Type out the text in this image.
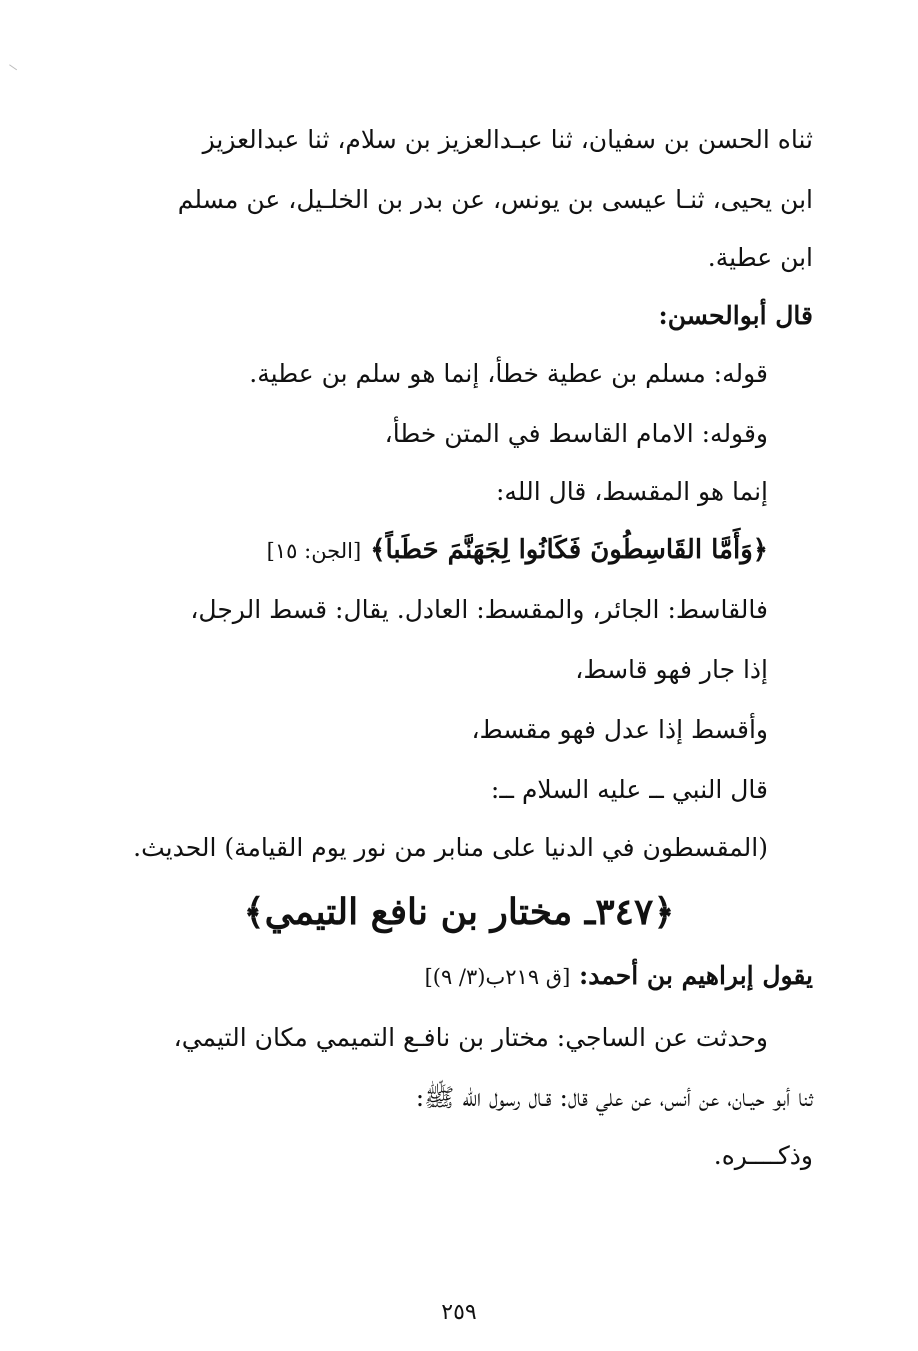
ثناه الحسن بن سفيان، ثنا عبـدالعزيز بن سلام، ثنا عبدالعزيز
ابن يحيى، ثنـا عيسى بن يونس، عن بدر بن الخلـيل، عن مسلم
ابن عطية.
قال أبوالحسن:
قوله: مسلم بن عطية خطأ، إنما هو سلم بن عطية.
وقوله: الامام القاسط في المتن خطأ،
إنما هو المقسط، قال الله:
﴿وَأَمَّا القَاسِطُونَ فَكَانُوا لِجَهَنَّمَ حَطَباً﴾ [الجن: ١٥]
فالقاسط: الجائر، والمقسط: العادل. يقال: قسط الرجل،
إذا جار فهو قاسط،
وأقسط إذا عدل فهو مقسط،
قال النبي ــ عليه السلام ــ:
(المقسطون في الدنيا على منابر من نور يوم القيامة) الحديث.
﴿٣٤٧ـ مختار بن نافع التيمي﴾
يقول إبراهيم بن أحمد: [ق ٢١٩ب(٣/ ٩)]
وحدثت عن الساجي: مختار بن نافـع التميمي مكان التيمي،
ثنا أبو حيـان، عن أنس، عن علي قال: قـال رسول الله ﷺ:
وذكــــره.
٢٥٩
